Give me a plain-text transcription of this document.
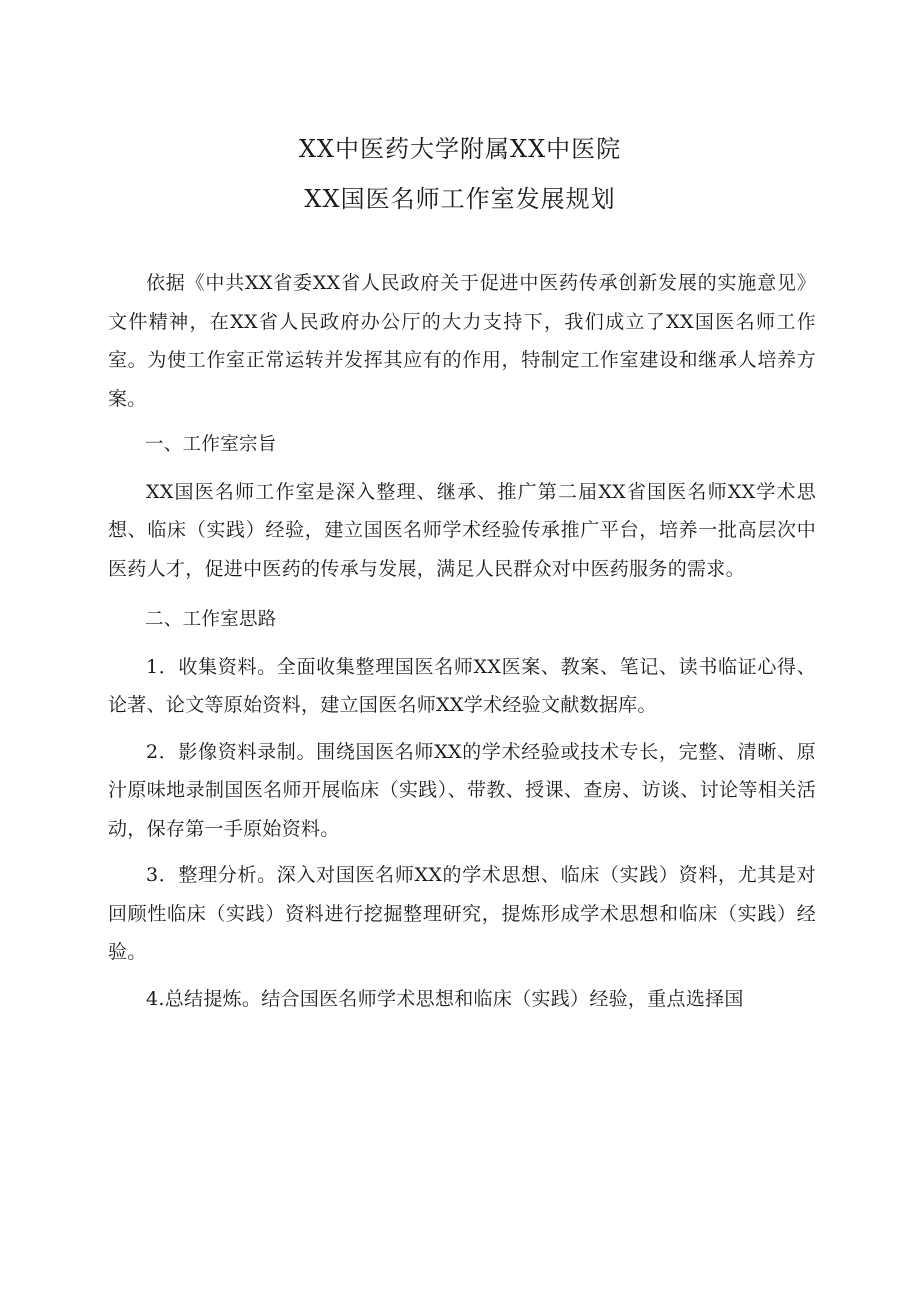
XX中医药大学附属XX中医院
XX国医名师工作室发展规划

依据《中共XX省委XX省人民政府关于促进中医药传承创新发展的实施意见》文件精神，在XX省人民政府办公厅的大力支持下，我们成立了XX国医名师工作室。为使工作室正常运转并发挥其应有的作用，特制定工作室建设和继承人培养方案。

一、工作室宗旨

XX国医名师工作室是深入整理、继承、推广第二届XX省国医名师XX学术思想、临床（实践）经验，建立国医名师学术经验传承推广平台，培养一批高层次中医药人才，促进中医药的传承与发展，满足人民群众对中医药服务的需求。

二、工作室思路

1．收集资料。全面收集整理国医名师XX医案、教案、笔记、读书临证心得、论著、论文等原始资料，建立国医名师XX学术经验文献数据库。

2．影像资料录制。围绕国医名师XX的学术经验或技术专长，完整、清晰、原汁原味地录制国医名师开展临床（实践）、带教、授课、查房、访谈、讨论等相关活动，保存第一手原始资料。

3．整理分析。深入对国医名师XX的学术思想、临床（实践）资料，尤其是对回顾性临床（实践）资料进行挖掘整理研究，提炼形成学术思想和临床（实践）经验。

4.总结提炼。结合国医名师学术思想和临床（实践）经验，重点选择国
